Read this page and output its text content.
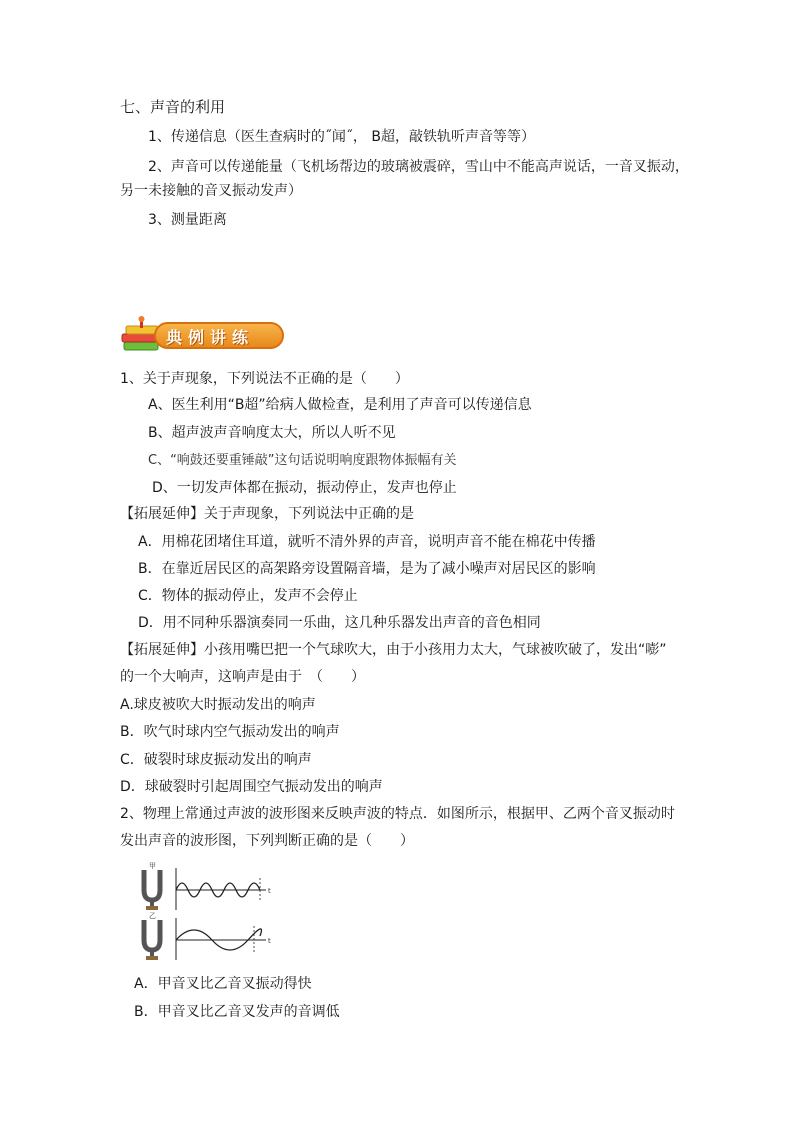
七、声音的利用
1、传递信息（医生查病时的˝闻˝， B超，敲铁轨听声音等等）
2、声音可以传递能量（飞机场帮边的玻璃被震碎，雪山中不能高声说话，一音叉振动，
另一未接触的音叉振动发声）
3、测量距离
典例讲练
1、关于声现象，下列说法不正确的是（　　）
A、医生利用“B超”给病人做检查，是利用了声音可以传递信息
B、超声波声音响度太大，所以人听不见
C、“响鼓还要重锤敲”这句话说明响度跟物体振幅有关
D、一切发声体都在振动，振动停止，发声也停止
【拓展延伸】关于声现象，下列说法中正确的是
A．用棉花团堵住耳道，就听不清外界的声音，说明声音不能在棉花中传播
B．在靠近居民区的高架路旁设置隔音墙，是为了减小噪声对居民区的影响
C．物体的振动停止，发声不会停止
D．用不同种乐器演奏同一乐曲，这几种乐器发出声音的音色相同
【拓展延伸】小孩用嘴巴把一个气球吹大，由于小孩用力太大，气球被吹破了，发出“嘭”
的一个大响声，这响声是由于　（　　）
A.球皮被吹大时振动发出的响声
B．吹气时球内空气振动发出的响声
C．破裂时球皮振动发出的响声
D．球破裂时引起周围空气振动发出的响声
2、物理上常通过声波的波形图来反映声波的特点．如图所示，根据甲、乙两个音叉振动时
发出声音的波形图，下列判断正确的是（　　）
甲
t
乙
t
A．甲音叉比乙音叉振动得快
B．甲音叉比乙音叉发声的音调低
